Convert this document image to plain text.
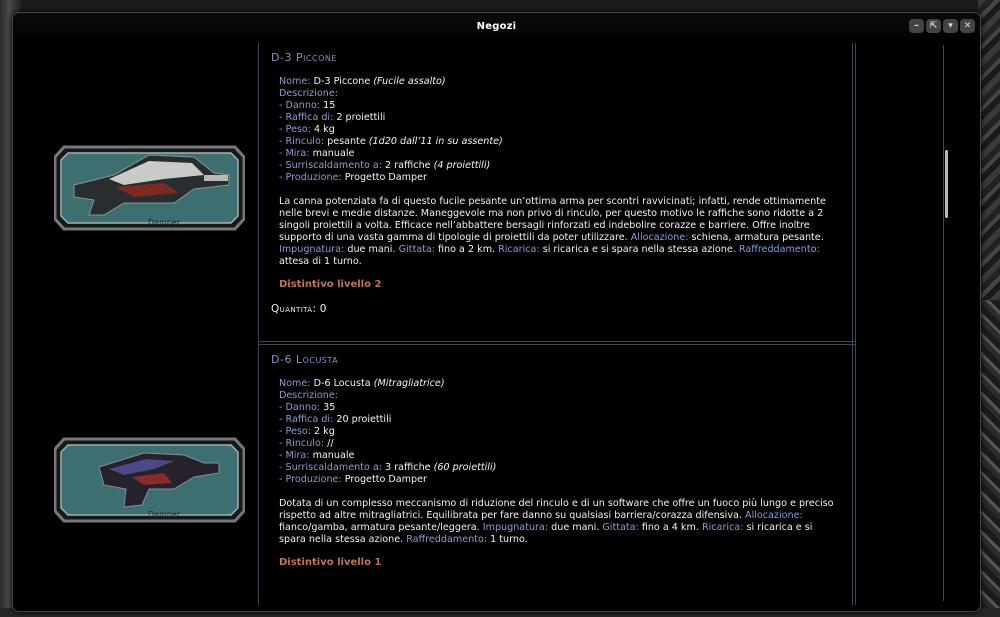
Negozi	–	⇱	▾	✕
Damper
Damper
D-3 Piccone
Nome: D-3 Piccone (Fucile assalto)
Descrizione:
- Danno: 15
- Raffica di: 2 proiettili
- Peso: 4 kg
- Rinculo: pesante (1d20 dall’11 in su assente)
- Mira: manuale
- Surriscaldamento a: 2 raffiche (4 proiettili)
- Produzione: Progetto Damper
La canna potenziata fa di questo fucile pesante un’ottima arma per scontri ravvicinati; infatti, rende ottimamente nelle brevi e medie distanze. Maneggevole ma non privo di rinculo, per questo motivo le raffiche sono ridotte a 2 singoli proiettili a volta. Efficace nell’abbattere bersagli rinforzati ed indebolire corazze e barriere. Offre inoltre supporto di una vasta gamma di tipologie di proiettili da poter utilizzare. Allocazione: schiena, armatura pesante. Impugnatura: due mani. Gittata: fino a 2 km. Ricarica: si ricarica e si spara nella stessa azione. Raffreddamento: attesa di 1 turno.
Distintivo livello 2
Quantità: 0
D-6 Locusta
Nome: D-6 Locusta (Mitragliatrice)
Descrizione:
- Danno: 35
- Raffica di: 20 proiettili
- Peso: 2 kg
- Rinculo: //
- Mira: manuale
- Surriscaldamento a: 3 raffiche (60 proiettili)
- Produzione: Progetto Damper
Dotata di un complesso meccanismo di riduzione del rinculo e di un software che offre un fuoco più lungo e preciso rispetto ad altre mitragliatrici. Equilibrata per fare danno su qualsiasi barriera/corazza difensiva. Allocazione: fianco/gamba, armatura pesante/leggera. Impugnatura: due mani. Gittata: fino a 4 km. Ricarica: si ricarica e si spara nella stessa azione. Raffreddamento: 1 turno.
Distintivo livello 1
